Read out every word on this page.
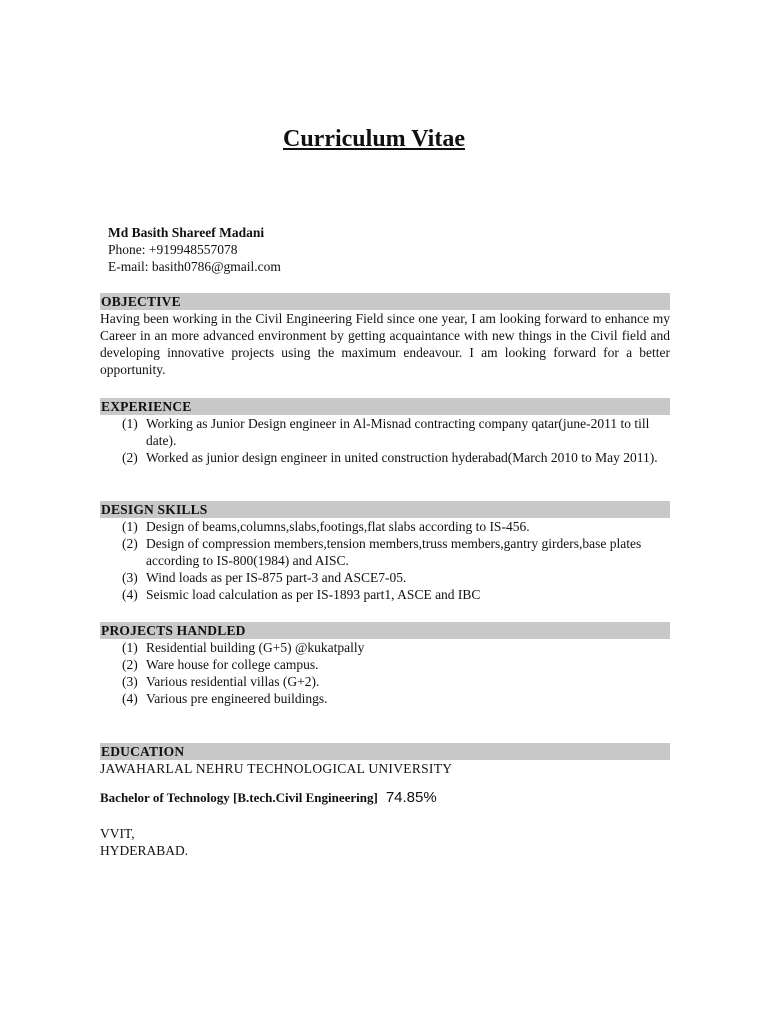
Curriculum Vitae
Md Basith Shareef Madani
Phone: +919948557078
E-mail: basith0786@gmail.com
OBJECTIVE
Having been working in the Civil Engineering Field since one year, I am looking forward to enhance my Career in an more advanced environment by getting acquaintance with new things in the Civil field and developing innovative projects using the maximum endeavour. I am looking forward for a better opportunity.
EXPERIENCE
(1) Working as Junior Design engineer in Al-Misnad contracting company qatar(june-2011 to till date).
(2) Worked as junior design engineer in united construction hyderabad(March 2010 to May 2011).
DESIGN SKILLS
(1) Design of beams,columns,slabs,footings,flat slabs according to IS-456.
(2) Design of compression members,tension members,truss members,gantry girders,base plates according to IS-800(1984) and AISC.
(3) Wind loads as per IS-875 part-3 and ASCE7-05.
(4) Seismic load calculation as per IS-1893 part1, ASCE and IBC
PROJECTS HANDLED
(1) Residential building (G+5) @kukatpally
(2) Ware house for college campus.
(3) Various residential villas (G+2).
(4) Various pre engineered buildings.
EDUCATION
JAWAHARLAL NEHRU TECHNOLOGICAL UNIVERSITY
Bachelor of Technology [B.tech.Civil Engineering] 74.85%
VVIT,
HYDERABAD.
